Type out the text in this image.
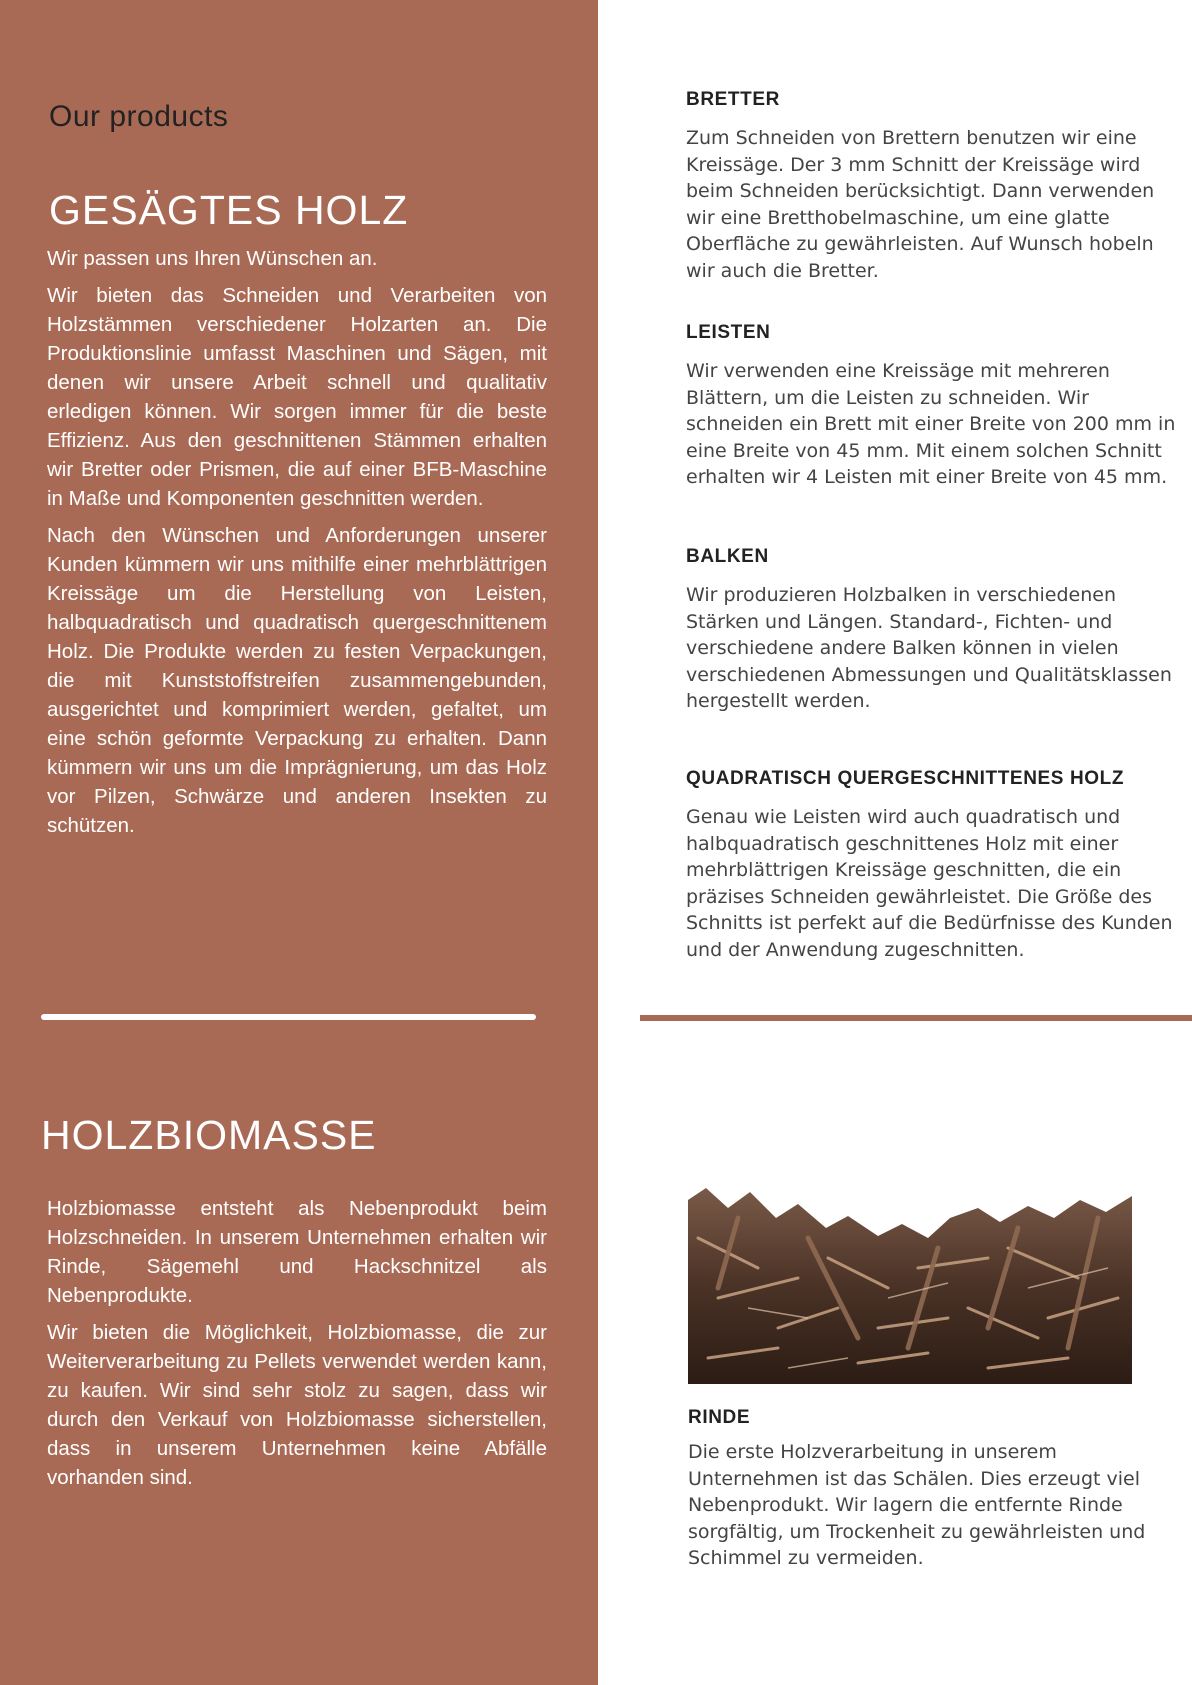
Our products
GESÄGTES HOLZ

Wir passen uns Ihren Wünschen an.

Wir bieten das Schneiden und Verarbeiten von Holzstämmen verschiedener Holzarten an. Die Produktionslinie umfasst Maschinen und Sägen, mit denen wir unsere Arbeit schnell und qualitativ erledigen können. Wir sorgen immer für die beste Effizienz. Aus den geschnittenen Stämmen erhalten wir Bretter oder Prismen, die auf einer BFB-Maschine in Maße und Komponenten geschnitten werden.

Nach den Wünschen und Anforderungen unserer Kunden kümmern wir uns mithilfe einer mehrblättrigen Kreissäge um die Herstellung von Leisten, halbquadratisch und quadratisch quergeschnittenem Holz. Die Produkte werden zu festen Verpackungen, die mit Kunststoffstreifen zusammengebunden, ausgerichtet und komprimiert werden, gefaltet, um eine schön geformte Verpackung zu erhalten. Dann kümmern wir uns um die Imprägnierung, um das Holz vor Pilzen, Schwärze und anderen Insekten zu schützen.

HOLZBIOMASSE

Holzbiomasse entsteht als Nebenprodukt beim Holzschneiden. In unserem Unternehmen erhalten wir Rinde, Sägemehl und Hackschnitzel als Nebenprodukte.

Wir bieten die Möglichkeit, Holzbiomasse, die zur Weiterverarbeitung zu Pellets verwendet werden kann, zu kaufen. Wir sind sehr stolz zu sagen, dass wir durch den Verkauf von Holzbiomasse sicherstellen, dass in unserem Unternehmen keine Abfälle vorhanden sind.

BRETTER

Zum Schneiden von Brettern benutzen wir eine Kreissäge. Der 3 mm Schnitt der Kreissäge wird beim Schneiden berücksichtigt. Dann verwenden wir eine Bretthobelmaschine, um eine glatte Oberfläche zu gewährleisten. Auf Wunsch hobeln wir auch die Bretter.

LEISTEN

Wir verwenden eine Kreissäge mit mehreren Blättern, um die Leisten zu schneiden. Wir schneiden ein Brett mit einer Breite von 200 mm in eine Breite von 45 mm. Mit einem solchen Schnitt erhalten wir 4 Leisten mit einer Breite von 45 mm.

BALKEN

Wir produzieren Holzbalken in verschiedenen Stärken und Längen. Standard-, Fichten- und verschiedene andere Balken können in vielen verschiedenen Abmessungen und Qualitätsklassen hergestellt werden.

QUADRATISCH QUERGESCHNITTENES HOLZ

Genau wie Leisten wird auch quadratisch und halbquadratisch geschnittenes Holz mit einer mehrblättrigen Kreissäge geschnitten, die ein präzises Schneiden gewährleistet. Die Größe des Schnitts ist perfekt auf die Bedürfnisse des Kunden und der Anwendung zugeschnitten.

RINDE

Die erste Holzverarbeitung in unserem Unternehmen ist das Schälen. Dies erzeugt viel Nebenprodukt. Wir lagern die entfernte Rinde sorgfältig, um Trockenheit zu gewährleisten und Schimmel zu vermeiden.
